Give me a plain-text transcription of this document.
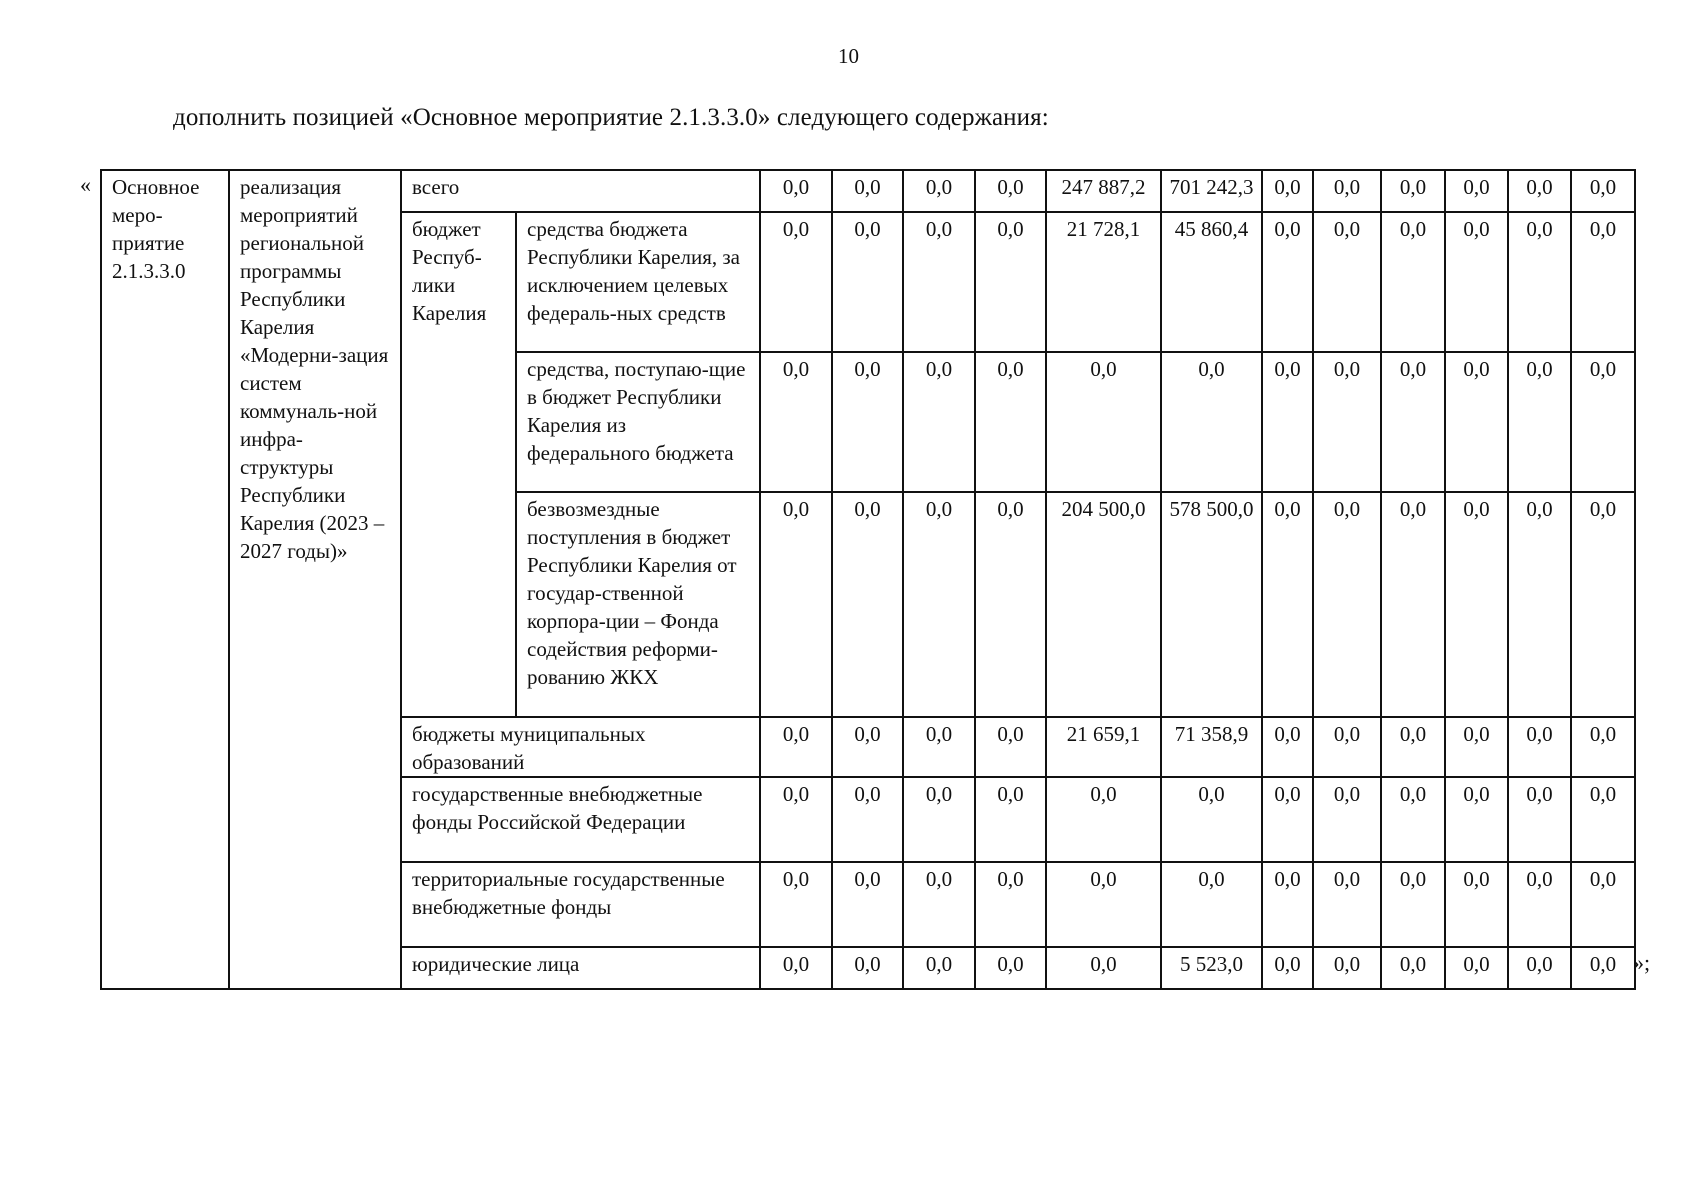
10
дополнить позицией «Основное мероприятие 2.1.3.3.0» следующего содержания:
«
»;
Основное меро-приятие 2.1.3.3.0	реализация мероприятий региональной программы Республики Карелия «Модерни-зация систем коммуналь-ной инфра-структуры Республики Карелия (2023 – 2027 годы)»	всего		0,0	0,0	0,0	0,0	247 887,2	701 242,3	0,0	0,0	0,0	0,0	0,0	0,0
		бюджет Респуб-лики Карелия	средства бюджета Республики Карелия, за исключением целевых федераль-ных средств	0,0	0,0	0,0	0,0	21 728,1	45 860,4	0,0	0,0	0,0	0,0	0,0	0,0
			средства, поступаю-щие в бюджет Республики Карелия из федерального бюджета	0,0	0,0	0,0	0,0	0,0	0,0	0,0	0,0	0,0	0,0	0,0	0,0
			безвозмездные поступления в бюджет Республики Карелия от государ-ственной корпора-ции – Фонда содействия реформи-рованию ЖКХ	0,0	0,0	0,0	0,0	204 500,0	578 500,0	0,0	0,0	0,0	0,0	0,0	0,0
		бюджеты муниципальных образований		0,0	0,0	0,0	0,0	21 659,1	71 358,9	0,0	0,0	0,0	0,0	0,0	0,0
		государственные внебюджетные фонды Российской Федерации		0,0	0,0	0,0	0,0	0,0	0,0	0,0	0,0	0,0	0,0	0,0	0,0
		территориальные государственные внебюджетные фонды		0,0	0,0	0,0	0,0	0,0	0,0	0,0	0,0	0,0	0,0	0,0	0,0
		юридические лица		0,0	0,0	0,0	0,0	0,0	5 523,0	0,0	0,0	0,0	0,0	0,0	0,0
